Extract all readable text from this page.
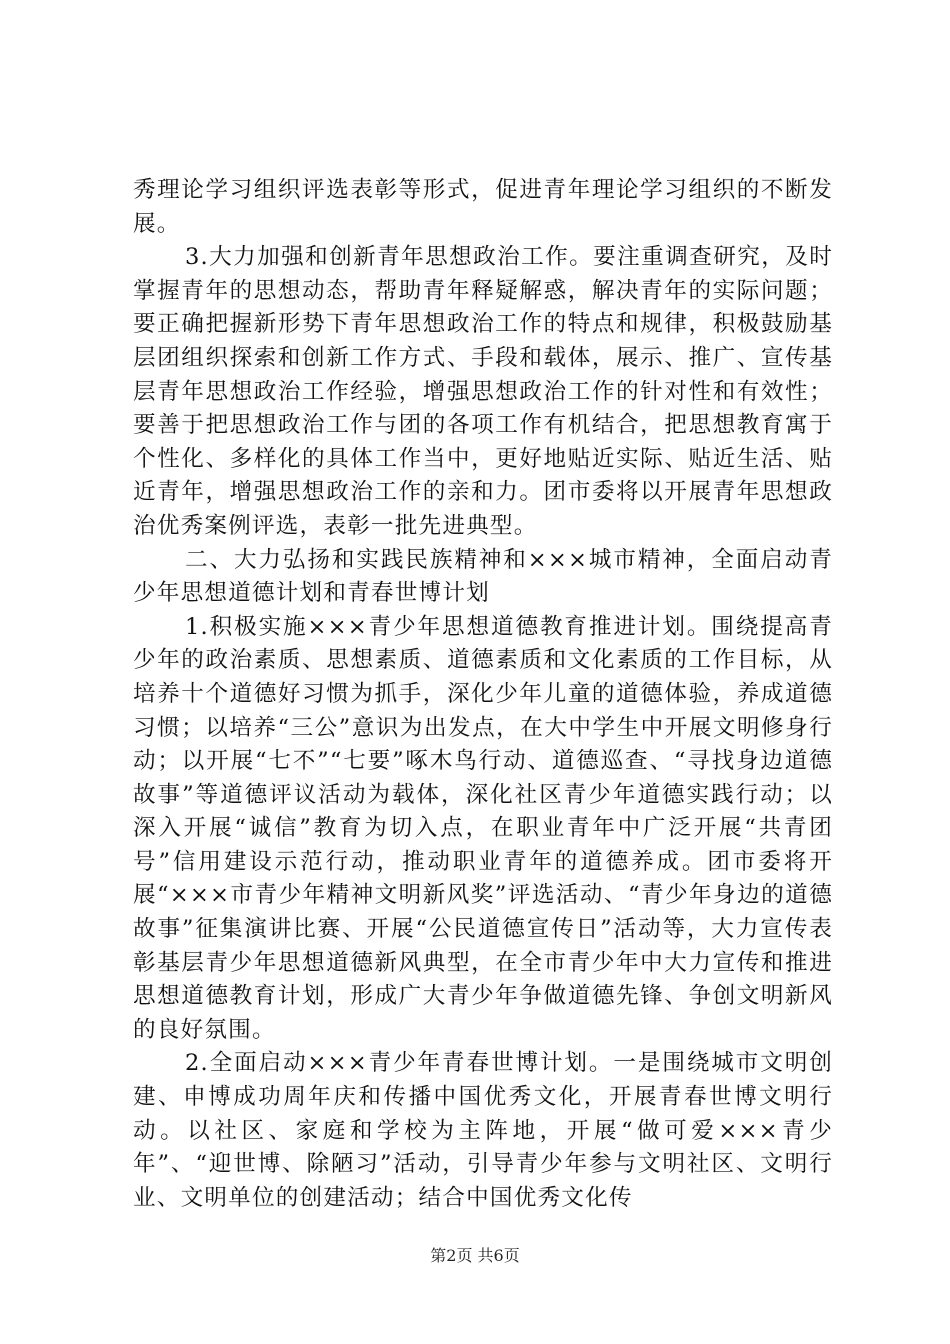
秀理论学习组织评选表彰等形式，促进青年理论学习组织的不断发展。

3.大力加强和创新青年思想政治工作。要注重调查研究，及时掌握青年的思想动态，帮助青年释疑解惑，解决青年的实际问题；要正确把握新形势下青年思想政治工作的特点和规律，积极鼓励基层团组织探索和创新工作方式、手段和载体，展示、推广、宣传基层青年思想政治工作经验，增强思想政治工作的针对性和有效性；要善于把思想政治工作与团的各项工作有机结合，把思想教育寓于个性化、多样化的具体工作当中，更好地贴近实际、贴近生活、贴近青年，增强思想政治工作的亲和力。团市委将以开展青年思想政治优秀案例评选，表彰一批先进典型。

二、大力弘扬和实践民族精神和×××城市精神，全面启动青少年思想道德计划和青春世博计划

1.积极实施×××青少年思想道德教育推进计划。围绕提高青少年的政治素质、思想素质、道德素质和文化素质的工作目标，从培养十个道德好习惯为抓手，深化少年儿童的道德体验，养成道德习惯；以培养“三公”意识为出发点，在大中学生中开展文明修身行动；以开展“七不”“七要”啄木鸟行动、道德巡查、“寻找身边道德故事”等道德评议活动为载体，深化社区青少年道德实践行动；以深入开展“诚信”教育为切入点，在职业青年中广泛开展“共青团号”信用建设示范行动，推动职业青年的道德养成。团市委将开展“×××市青少年精神文明新风奖”评选活动、“青少年身边的道德故事”征集演讲比赛、开展“公民道德宣传日”活动等，大力宣传表彰基层青少年思想道德新风典型，在全市青少年中大力宣传和推进思想道德教育计划，形成广大青少年争做道德先锋、争创文明新风的良好氛围。

2.全面启动×××青少年青春世博计划。一是围绕城市文明创建、申博成功周年庆和传播中国优秀文化，开展青春世博文明行动。以社区、家庭和学校为主阵地，开展“做可爱×××青少年”、“迎世博、除陋习”活动，引导青少年参与文明社区、文明行业、文明单位的创建活动；结合中国优秀文化传

第2页 共6页
